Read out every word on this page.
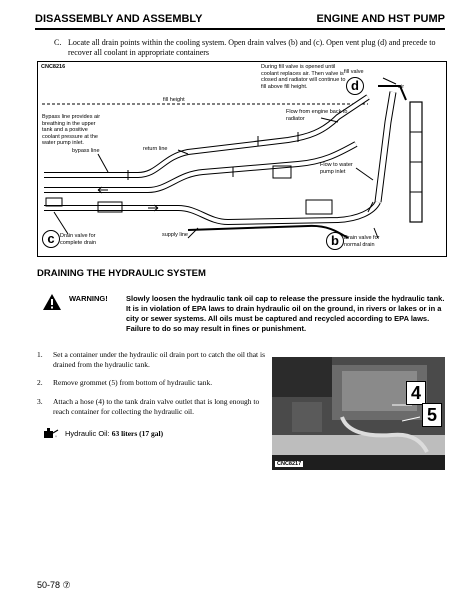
DISASSEMBLY AND ASSEMBLY	ENGINE AND HST PUMP
C. Locate all drain points within the cooling system. Open drain valves (b) and (c). Open vent plug (d) and precede to recover all coolant in appropriate containers
CNC8216	During fill valve is opened until coolant replaces air. Then valve is closed and radiator will continue to fill above fill height.
fill valve
air
d
fill height
Flow from engine back to radiator
Bypass line provides air breathing in the upper tank and a positive coolant pressure at the water pump inlet.
bypass line	return line
Flow to water pump inlet
c Drain valve for complete drain
supply line	b Drain valve for normal drain
DRAINING THE HYDRAULIC SYSTEM
WARNING! Slowly loosen the hydraulic tank oil cap to release the pressure inside the hydraulic tank. It is in violation of EPA laws to drain hydraulic oil on the ground, in rivers or lakes or in a city or sewer systems. All oils must be captured and recycled according to EPA laws. Failure to do so may result in fines or punishment.
1. Set a container under the hydraulic oil drain port to catch the oil that is drained from the hydraulic tank.
2. Remove grommet (5) from bottom of hydraulic tank.
3. Attach a hose (4) to the tank drain valve outlet that is long enough to reach container for collecting the hydraulic oil.
Hydraulic Oil: 63 liters (17 gal)
4
5
CNC8217
50-78 ⑦
